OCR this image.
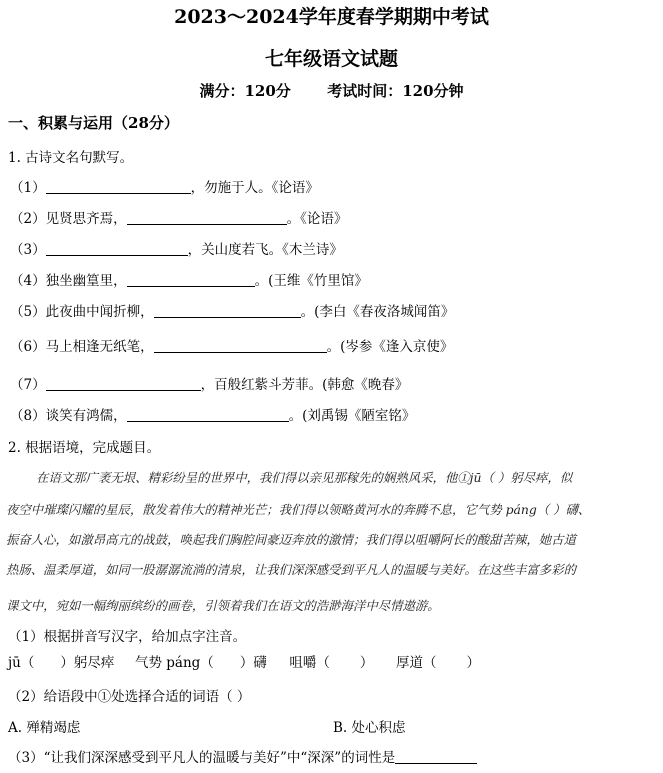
2023～2024学年度春学期期中考试
七年级语文试题
满分：120分 考试时间：120分钟
一、积累与运用（28分）
1. 古诗文名句默写。
（1）	，勿施于人。《论语》
（2）见贤思齐焉，	。《论语》
（3）	，关山度若飞。《木兰诗》
（4）独坐幽篁里，	。(王维《竹里馆》
（5）此夜曲中闻折柳，	。(李白《春夜洛城闻笛》
（6）马上相逢无纸笔，	。(岑参《逢入京使》
（7）	，百般红紫斗芳菲。(韩愈《晚春》
（8）谈笑有鸿儒，	。(刘禹锡《陋室铭》
2. 根据语境，完成题目。
在语文那广袤无垠、精彩纷呈的世界中，我们得以亲见那稼先的娴熟风采，他①jū（ ）躬尽瘁，似
夜空中璀璨闪耀的星辰，散发着伟大的精神光芒；我们得以领略黄河水的奔腾不息，它气势 páng（ ）礴、
振奋人心，如激昂高亢的战鼓，唤起我们胸腔间豪迈奔放的激情；我们得以咀嚼阿长的酸甜苦辣，她古道
热肠、温柔厚道，如同一股潺潺流淌的清泉，让我们深深感受到平凡人的温暖与美好。在这些丰富多彩的
课文中，宛如一幅绚丽缤纷的画卷，引领着我们在语文的浩渺海洋中尽情遨游。
（1）根据拼音写汉字，给加点字注音。
jū（ ）躬尽瘁 气势 páng（ ）礴 咀嚼（ ） 厚道（ ）
（2）给语段中①处选择合适的词语（ ）
A. 殚精竭虑	B. 处心积虑
（3）“让我们深深感受到平凡人的温暖与美好”中“深深”的词性是
